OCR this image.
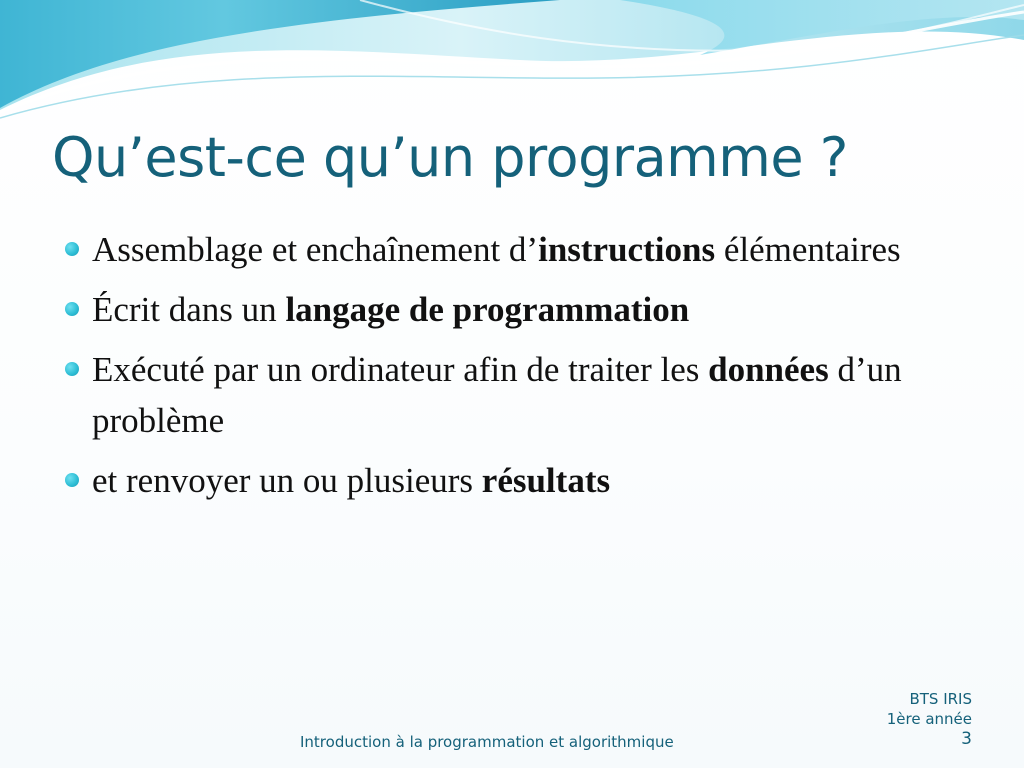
Qu’est-ce qu’un programme ?
Assemblage et enchaînement d’instructions élémentaires
Écrit dans un langage de programmation
Exécuté par un ordinateur afin de traiter les données d’un problème
et renvoyer un ou plusieurs résultats
Introduction à la programmation et algorithmique
BTS IRIS
1ère année
3
